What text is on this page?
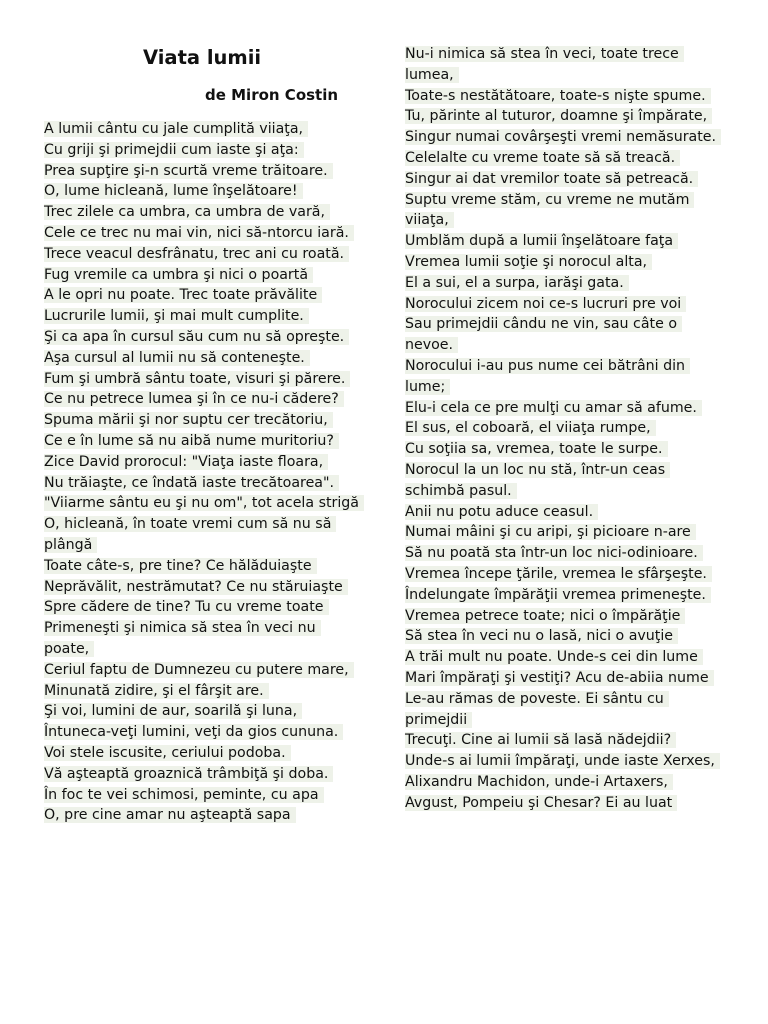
Viata lumii

de Miron Costin

A lumii cântu cu jale cumplită viiaţa,
Cu griji şi primejdii cum iaste şi aţa:
Prea supţire şi-n scurtă vreme trăitoare.
O, lume hicleană, lume înşelătoare!
Trec zilele ca umbra, ca umbra de vară,
Cele ce trec nu mai vin, nici să-ntorcu iară.
Trece veacul desfrânatu, trec ani cu roată.
Fug vremile ca umbra şi nici o poartă
A le opri nu poate. Trec toate prăvălite
Lucrurile lumii, şi mai mult cumplite.
Şi ca apa în cursul său cum nu să opreşte.
Aşa cursul al lumii nu să conteneşte.
Fum şi umbră sântu toate, visuri şi părere.
Ce nu petrece lumea şi în ce nu-i cădere?
Spuma mării şi nor suptu cer trecătoriu,
Ce e în lume să nu aibă nume muritoriu?
Zice David prorocul: "Viaţa iaste floara,
Nu trăiaşte, ce îndată iaste trecătoarea".
"Viiarme sântu eu şi nu om", tot acela strigă
O, hicleană, în toate vremi cum să nu să plângă
Toate câte-s, pre tine? Ce hălăduiaşte
Neprăvălit, nestrămutat? Ce nu stăruiaşte
Spre cădere de tine? Tu cu vreme toate
Primeneşti şi nimica să stea în veci nu poate,
Ceriul faptu de Dumnezeu cu putere mare,
Minunată zidire, şi el fârşit are.
Şi voi, lumini de aur, soarilă şi luna,
Întuneca-veţi lumini, veţi da gios cununa.
Voi stele iscusite, ceriului podoba.
Vă aşteaptă groaznică trâmbiţă şi doba.
În foc te vei schimosi, peminte, cu apa
O, pre cine amar nu aşteaptă sapa
Nu-i nimica să stea în veci, toate trece lumea,
Toate-s nestătătoare, toate-s nişte spume.
Tu, părinte al tuturor, doamne şi împărate,
Singur numai covârşeşti vremi nemăsurate.
Celelalte cu vreme toate să să treacă.
Singur ai dat vremilor toate să petreacă.
Suptu vreme stăm, cu vreme ne mutăm viiaţa,
Umblăm după a lumii înşelătoare faţa
Vremea lumii soţie şi norocul alta,
El a sui, el a surpa, iarăşi gata.
Norocului zicem noi ce-s lucruri pre voi
Sau primejdii cându ne vin, sau câte o nevoe.
Norocului i-au pus nume cei bătrâni din lume;
Elu-i cela ce pre mulţi cu amar să afume.
El sus, el coboară, el viiaţa rumpe,
Cu soţiia sa, vremea, toate le surpe.
Norocul la un loc nu stă, într-un ceas schimbă pasul.
Anii nu potu aduce ceasul.
Numai mâini şi cu aripi, şi picioare n-are
Să nu poată sta într-un loc nici-odinioare.
Vremea începe ţările, vremea le sfârşeşte.
Îndelungate împărăţii vremea primeneşte.
Vremea petrece toate; nici o împărăţie
Să stea în veci nu o lasă, nici o avuţie
A trăi mult nu poate. Unde-s cei din lume
Mari împăraţi şi vestiţi? Acu de-abiia nume
Le-au rămas de poveste. Ei sântu cu primejdii
Trecuţi. Cine ai lumii să lasă nădejdii?
Unde-s ai lumii împăraţi, unde iaste Xerxes,
Alixandru Machidon, unde-i Artaxers,
Avgust, Pompeiu şi Chesar? Ei au luat
